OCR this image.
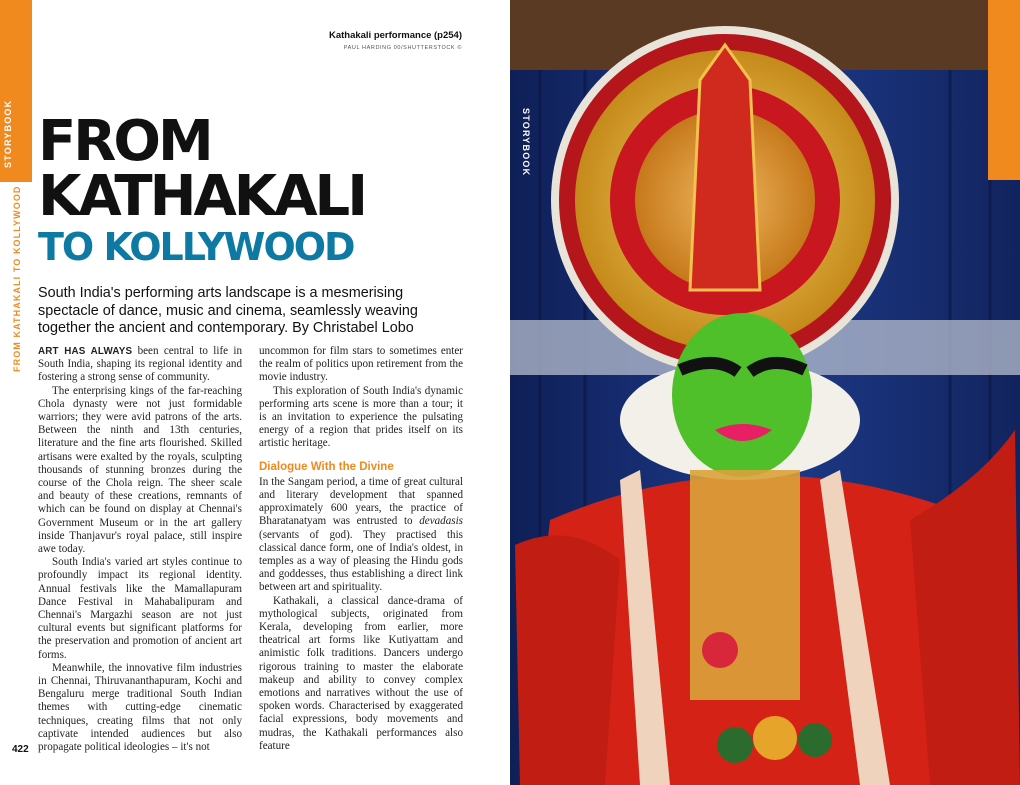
STORYBOOK
FROM KATHAKALI TO KOLLYWOOD
Kathakali performance (p254)
PAUL HARDING 00/SHUTTERSTOCK ©
FROM
KATHAKALI
TO KOLLYWOOD
South India's performing arts landscape is a mesmerising spectacle of dance, music and cinema, seamlessly weaving together the ancient and contemporary. By Christabel Lobo

ART HAS ALWAYS been central to life in South India, shaping its regional identity and fostering a strong sense of community.

The enterprising kings of the far-reaching Chola dynasty were not just formidable warriors; they were avid patrons of the arts. Between the ninth and 13th centuries, literature and the fine arts flourished. Skilled artisans were exalted by the royals, sculpting thousands of stunning bronzes during the course of the Chola reign. The sheer scale and beauty of these creations, remnants of which can be found on display at Chennai's Government Museum or in the art gallery inside Thanjavur's royal palace, still inspire awe today.

South India's varied art styles continue to profoundly impact its regional identity. Annual festivals like the Mamallapuram Dance Festival in Mahabalipuram and Chennai's Margazhi season are not just cultural events but significant platforms for the preservation and promotion of ancient art forms.

Meanwhile, the innovative film industries in Chennai, Thiruvananthapuram, Kochi and Bengaluru merge traditional South Indian themes with cutting-edge cinematic techniques, creating films that not only captivate intended audiences but also propagate political ideologies – it's not

uncommon for film stars to sometimes enter the realm of politics upon retirement from the movie industry.

This exploration of South India's dynamic performing arts scene is more than a tour; it is an invitation to experience the pulsating energy of a region that prides itself on its artistic heritage.

Dialogue With the Divine

In the Sangam period, a time of great cultural and literary development that spanned approximately 600 years, the practice of Bharatanatyam was entrusted to devadasis (servants of god). They practised this classical dance form, one of India's oldest, in temples as a way of pleasing the Hindu gods and goddesses, thus establishing a direct link between art and spirituality.

Kathakali, a classical dance-drama of mythological subjects, originated from Kerala, developing from earlier, more theatrical art forms like Kutiyattam and animistic folk traditions. Dancers undergo rigorous training to master the elaborate makeup and ability to convey complex emotions and narratives without the use of spoken words. Characterised by exaggerated facial expressions, body movements and mudras, the Kathakali performances also feature

422
STORYBOOK
